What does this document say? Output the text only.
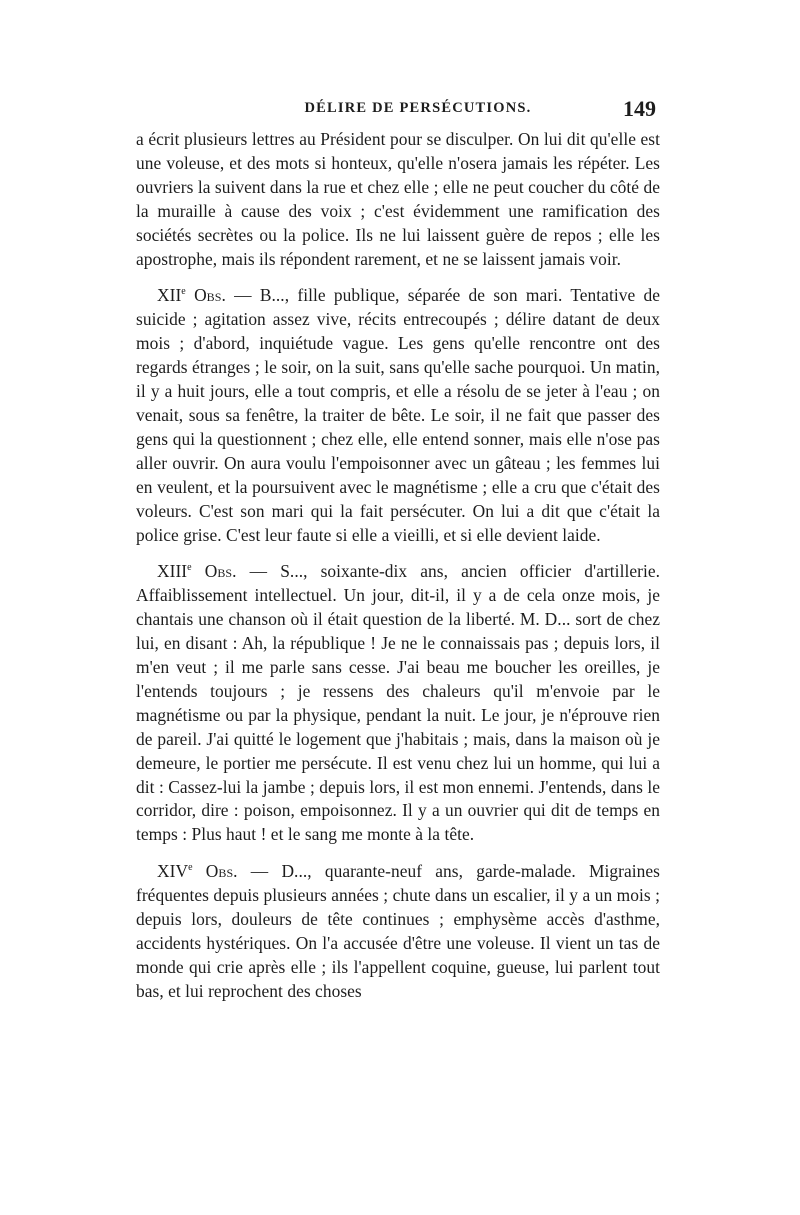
DÉLIRE DE PERSÉCUTIONS.	149

a écrit plusieurs lettres au Président pour se disculper. On lui dit qu'elle est une voleuse, et des mots si honteux, qu'elle n'osera jamais les répéter. Les ouvriers la suivent dans la rue et chez elle ; elle ne peut coucher du côté de la muraille à cause des voix ; c'est évidemment une ramification des sociétés secrètes ou la police. Ils ne lui laissent guère de repos ; elle les apostrophe, mais ils répondent rarement, et ne se laissent jamais voir.

XIIe Obs. — B..., fille publique, séparée de son mari. Tentative de suicide ; agitation assez vive, récits entrecoupés ; délire datant de deux mois ; d'abord, inquiétude vague. Les gens qu'elle rencontre ont des regards étranges ; le soir, on la suit, sans qu'elle sache pourquoi. Un matin, il y a huit jours, elle a tout compris, et elle a résolu de se jeter à l'eau ; on venait, sous sa fenêtre, la traiter de bête. Le soir, il ne fait que passer des gens qui la questionnent ; chez elle, elle entend sonner, mais elle n'ose pas aller ouvrir. On aura voulu l'empoisonner avec un gâteau ; les femmes lui en veulent, et la poursuivent avec le magnétisme ; elle a cru que c'était des voleurs. C'est son mari qui la fait persécuter. On lui a dit que c'était la police grise. C'est leur faute si elle a vieilli, et si elle devient laide.

XIIIe Obs. — S..., soixante-dix ans, ancien officier d'artillerie. Affaiblissement intellectuel. Un jour, dit-il, il y a de cela onze mois, je chantais une chanson où il était question de la liberté. M. D... sort de chez lui, en disant : Ah, la république ! Je ne le connaissais pas ; depuis lors, il m'en veut ; il me parle sans cesse. J'ai beau me boucher les oreilles, je l'entends toujours ; je ressens des chaleurs qu'il m'envoie par le magnétisme ou par la physique, pendant la nuit. Le jour, je n'éprouve rien de pareil. J'ai quitté le logement que j'habitais ; mais, dans la maison où je demeure, le portier me persécute. Il est venu chez lui un homme, qui lui a dit : Cassez-lui la jambe ; depuis lors, il est mon ennemi. J'entends, dans le corridor, dire : poison, empoisonnez. Il y a un ouvrier qui dit de temps en temps : Plus haut ! et le sang me monte à la tête.

XIVe Obs. — D..., quarante-neuf ans, garde-malade. Migraines fréquentes depuis plusieurs années ; chute dans un escalier, il y a un mois ; depuis lors, douleurs de tête continues ; emphysème accès d'asthme, accidents hystériques. On l'a accusée d'être une voleuse. Il vient un tas de monde qui crie après elle ; ils l'appellent coquine, gueuse, lui parlent tout bas, et lui reprochent des choses
